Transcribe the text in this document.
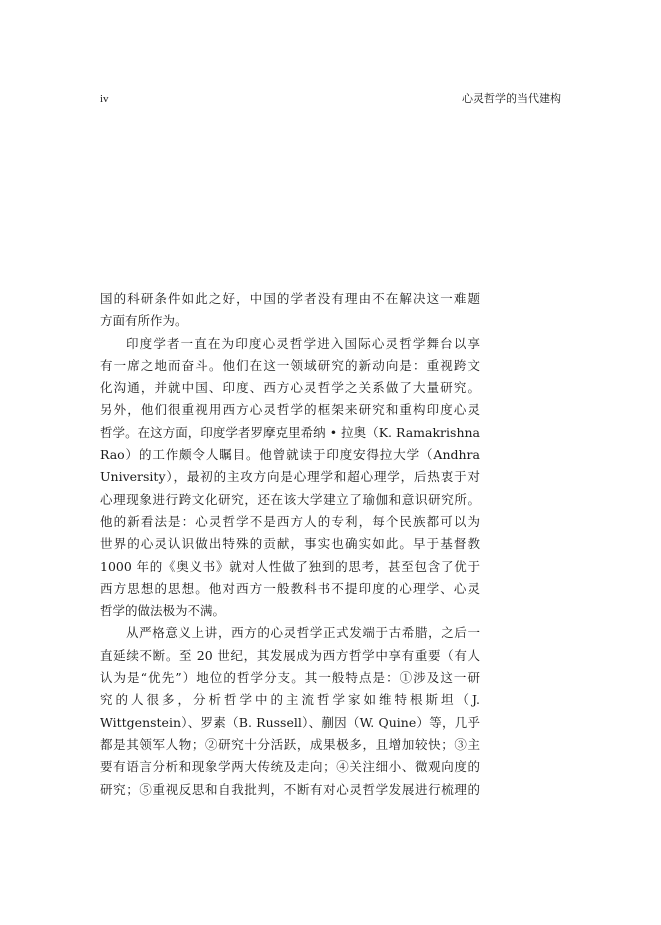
iv	心灵哲学的当代建构
国的科研条件如此之好，中国的学者没有理由不在解决这一难题
方面有所作为。
印度学者一直在为印度心灵哲学进入国际心灵哲学舞台以享
有一席之地而奋斗。他们在这一领域研究的新动向是：重视跨文
化沟通，并就中国、印度、西方心灵哲学之关系做了大量研究。
另外，他们很重视用西方心灵哲学的框架来研究和重构印度心灵
哲学。在这方面，印度学者罗摩克里希纳 • 拉奥（K. Ramakrishna
Rao）的工作颇令人瞩目。他曾就读于印度安得拉大学（Andhra
University），最初的主攻方向是心理学和超心理学，后热衷于对
心理现象进行跨文化研究，还在该大学建立了瑜伽和意识研究所。
他的新看法是：心灵哲学不是西方人的专利，每个民族都可以为
世界的心灵认识做出特殊的贡献，事实也确实如此。早于基督教
1000 年的《奥义书》就对人性做了独到的思考，甚至包含了优于
西方思想的思想。他对西方一般教科书不提印度的心理学、心灵
哲学的做法极为不满。
从严格意义上讲，西方的心灵哲学正式发端于古希腊，之后一
直延续不断。至 20 世纪，其发展成为西方哲学中享有重要（有人
认为是“优先”）地位的哲学分支。其一般特点是：①涉及这一研
究的人很多，分析哲学中的主流哲学家如维特根斯坦（J.
Wittgenstein）、罗素（B. Russell）、蒯因（W. Quine）等，几乎
都是其领军人物；②研究十分活跃，成果极多，且增加较快；③主
要有语言分析和现象学两大传统及走向；④关注细小、微观向度的
研究；⑤重视反思和自我批判，不断有对心灵哲学发展进行梳理的
